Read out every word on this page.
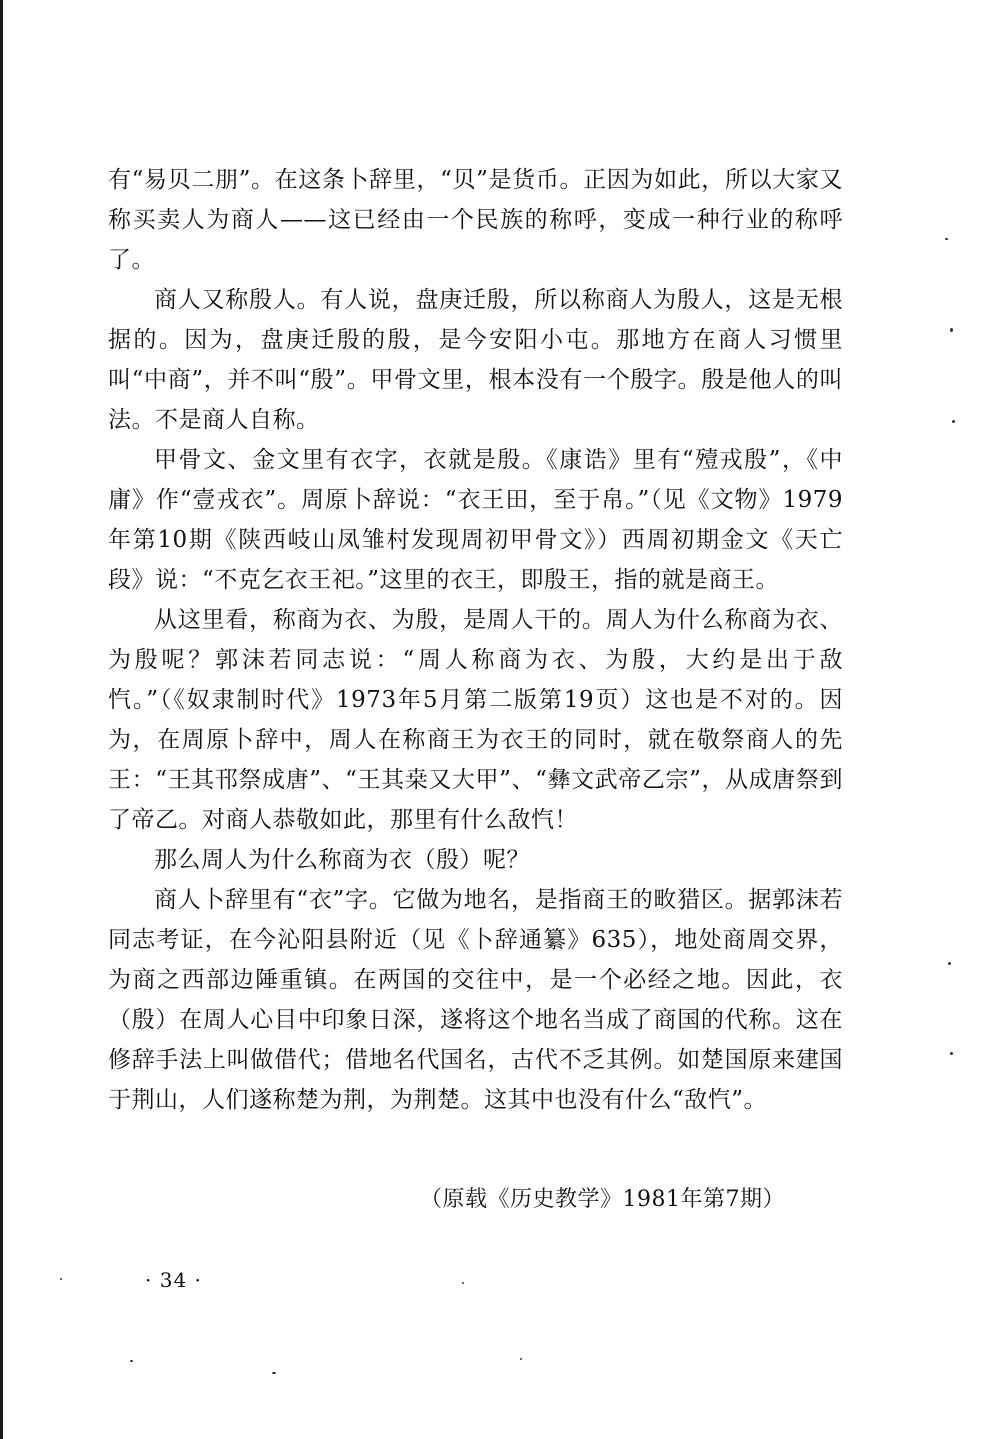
有“易贝二朋”。在这条卜辞里，“贝”是货币。正因为如此，所以大家又称买卖人为商人——这已经由一个民族的称呼，变成一种行业的称呼了。

商人又称殷人。有人说，盘庚迁殷，所以称商人为殷人，这是无根据的。因为，盘庚迁殷的殷，是今安阳小屯。那地方在商人习惯里叫“中商”，并不叫“殷”。甲骨文里，根本没有一个殷字。殷是他人的叫法。不是商人自称。

甲骨文、金文里有衣字，衣就是殷。《康诰》里有“殪戎殷”，《中庸》作“壹戎衣”。周原卜辞说：“衣王田，至于帛。”（见《文物》1979年第10期《陕西岐山凤雏村发现周初甲骨文》）西周初期金文《天亡段》说：“不克乞衣王祀。”这里的衣王，即殷王，指的就是商王。

从这里看，称商为衣、为殷，是周人干的。周人为什么称商为衣、为殷呢？郭沫若同志说：“周人称商为衣、为殷，大约是出于敌忾。”（《奴隶制时代》1973年5月第二版第19页）这也是不对的。因为，在周原卜辞中，周人在称商王为衣王的同时，就在敬祭商人的先王：“王其邗祭成唐”、“王其桒又大甲”、“彝文武帝乙宗”，从成唐祭到了帝乙。对商人恭敬如此，那里有什么敌忾！

那么周人为什么称商为衣（殷）呢？

商人卜辞里有“衣”字。它做为地名，是指商王的畋猎区。据郭沫若同志考证，在今沁阳县附近（见《卜辞通纂》635），地处商周交界，为商之西部边陲重镇。在两国的交往中，是一个必经之地。因此，衣（殷）在周人心目中印象日深，遂将这个地名当成了商国的代称。这在修辞手法上叫做借代；借地名代国名，古代不乏其例。如楚国原来建国于荆山，人们遂称楚为荆，为荆楚。这其中也没有什么“敌忾”。

（原载《历史教学》1981年第7期）
· 34 ·
